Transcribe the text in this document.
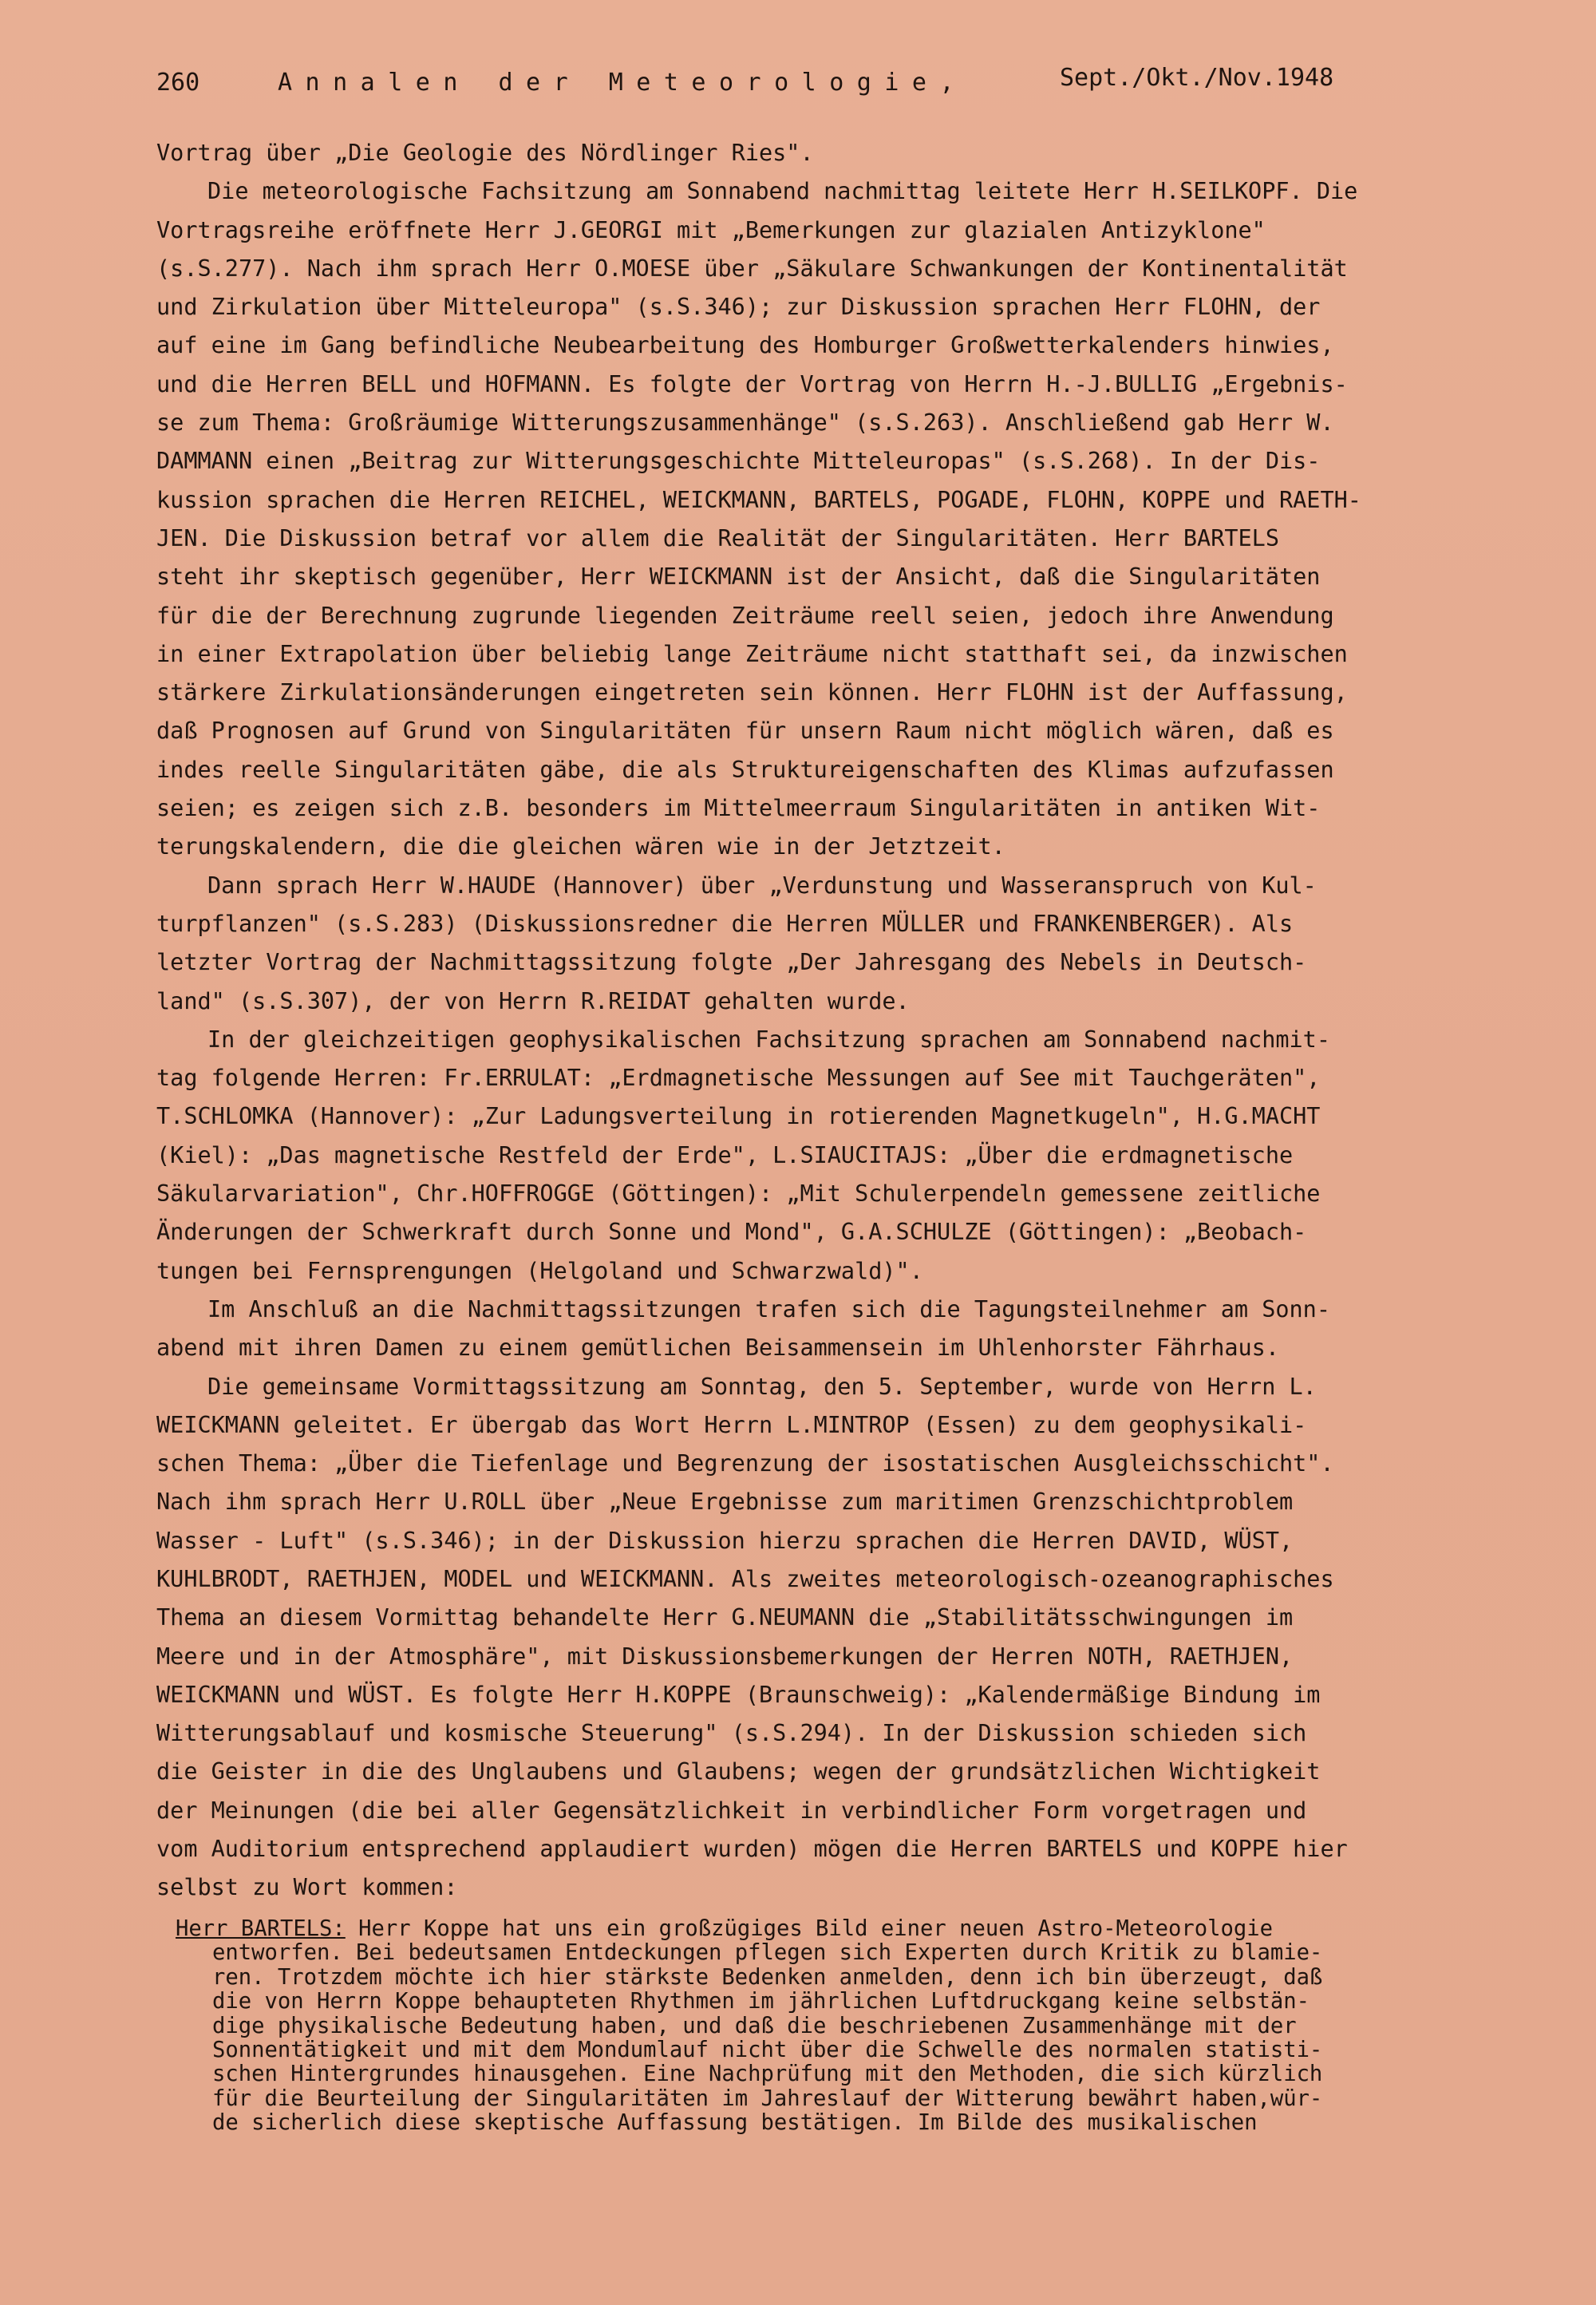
260	Annalen der Meteorologie,	Sept./Okt./Nov.1948
Vortrag über „Die Geologie des Nördlinger Ries".
Die meteorologische Fachsitzung am Sonnabend nachmittag leitete Herr H.SEILKOPF. Die
Vortragsreihe eröffnete Herr J.GEORGI mit „Bemerkungen zur glazialen Antizyklone"
(s.S.277). Nach ihm sprach Herr O.MOESE über „Säkulare Schwankungen der Kontinentalität
und Zirkulation über Mitteleuropa" (s.S.346); zur Diskussion sprachen Herr FLOHN, der
auf eine im Gang befindliche Neubearbeitung des Homburger Großwetterkalenders hinwies,
und die Herren BELL und HOFMANN. Es folgte der Vortrag von Herrn H.-J.BULLIG „Ergebnis-
se zum Thema: Großräumige Witterungszusammenhänge" (s.S.263). Anschließend gab Herr W.
DAMMANN einen „Beitrag zur Witterungsgeschichte Mitteleuropas" (s.S.268). In der Dis-
kussion sprachen die Herren REICHEL, WEICKMANN, BARTELS, POGADE, FLOHN, KOPPE und RAETH-
JEN. Die Diskussion betraf vor allem die Realität der Singularitäten. Herr BARTELS
steht ihr skeptisch gegenüber, Herr WEICKMANN ist der Ansicht, daß die Singularitäten
für die der Berechnung zugrunde liegenden Zeiträume reell seien, jedoch ihre Anwendung
in einer Extrapolation über beliebig lange Zeiträume nicht statthaft sei, da inzwischen
stärkere Zirkulationsänderungen eingetreten sein können. Herr FLOHN ist der Auffassung,
daß Prognosen auf Grund von Singularitäten für unsern Raum nicht möglich wären, daß es
indes reelle Singularitäten gäbe, die als Struktureigenschaften des Klimas aufzufassen
seien; es zeigen sich z.B. besonders im Mittelmeerraum Singularitäten in antiken Wit-
terungskalendern, die die gleichen wären wie in der Jetztzeit.
Dann sprach Herr W.HAUDE (Hannover) über „Verdunstung und Wasseranspruch von Kul-
turpflanzen" (s.S.283) (Diskussionsredner die Herren MÜLLER und FRANKENBERGER). Als
letzter Vortrag der Nachmittagssitzung folgte „Der Jahresgang des Nebels in Deutsch-
land" (s.S.307), der von Herrn R.REIDAT gehalten wurde.
In der gleichzeitigen geophysikalischen Fachsitzung sprachen am Sonnabend nachmit-
tag folgende Herren: Fr.ERRULAT: „Erdmagnetische Messungen auf See mit Tauchgeräten",
T.SCHLOMKA (Hannover): „Zur Ladungsverteilung in rotierenden Magnetkugeln", H.G.MACHT
(Kiel): „Das magnetische Restfeld der Erde", L.SIAUCITAJS: „Über die erdmagnetische
Säkularvariation", Chr.HOFFROGGE (Göttingen): „Mit Schulerpendeln gemessene zeitliche
Änderungen der Schwerkraft durch Sonne und Mond", G.A.SCHULZE (Göttingen): „Beobach-
tungen bei Fernsprengungen (Helgoland und Schwarzwald)".
Im Anschluß an die Nachmittagssitzungen trafen sich die Tagungsteilnehmer am Sonn-
abend mit ihren Damen zu einem gemütlichen Beisammensein im Uhlenhorster Fährhaus.
Die gemeinsame Vormittagssitzung am Sonntag, den 5. September, wurde von Herrn L.
WEICKMANN geleitet. Er übergab das Wort Herrn L.MINTROP (Essen) zu dem geophysikali-
schen Thema: „Über die Tiefenlage und Begrenzung der isostatischen Ausgleichsschicht".
Nach ihm sprach Herr U.ROLL über „Neue Ergebnisse zum maritimen Grenzschichtproblem
Wasser - Luft" (s.S.346); in der Diskussion hierzu sprachen die Herren DAVID, WÜST,
KUHLBRODT, RAETHJEN, MODEL und WEICKMANN. Als zweites meteorologisch-ozeanographisches
Thema an diesem Vormittag behandelte Herr G.NEUMANN die „Stabilitätsschwingungen im
Meere und in der Atmosphäre", mit Diskussionsbemerkungen der Herren NOTH, RAETHJEN,
WEICKMANN und WÜST. Es folgte Herr H.KOPPE (Braunschweig): „Kalendermäßige Bindung im
Witterungsablauf und kosmische Steuerung" (s.S.294). In der Diskussion schieden sich
die Geister in die des Unglaubens und Glaubens; wegen der grundsätzlichen Wichtigkeit
der Meinungen (die bei aller Gegensätzlichkeit in verbindlicher Form vorgetragen und
vom Auditorium entsprechend applaudiert wurden) mögen die Herren BARTELS und KOPPE hier
selbst zu Wort kommen:
Herr BARTELS: Herr Koppe hat uns ein großzügiges Bild einer neuen Astro-Meteorologie
entworfen. Bei bedeutsamen Entdeckungen pflegen sich Experten durch Kritik zu blamie-
ren. Trotzdem möchte ich hier stärkste Bedenken anmelden, denn ich bin überzeugt, daß
die von Herrn Koppe behaupteten Rhythmen im jährlichen Luftdruckgang keine selbstän-
dige physikalische Bedeutung haben, und daß die beschriebenen Zusammenhänge mit der
Sonnentätigkeit und mit dem Mondumlauf nicht über die Schwelle des normalen statisti-
schen Hintergrundes hinausgehen. Eine Nachprüfung mit den Methoden, die sich kürzlich
für die Beurteilung der Singularitäten im Jahreslauf der Witterung bewährt haben,wür-
de sicherlich diese skeptische Auffassung bestätigen. Im Bilde des musikalischen
